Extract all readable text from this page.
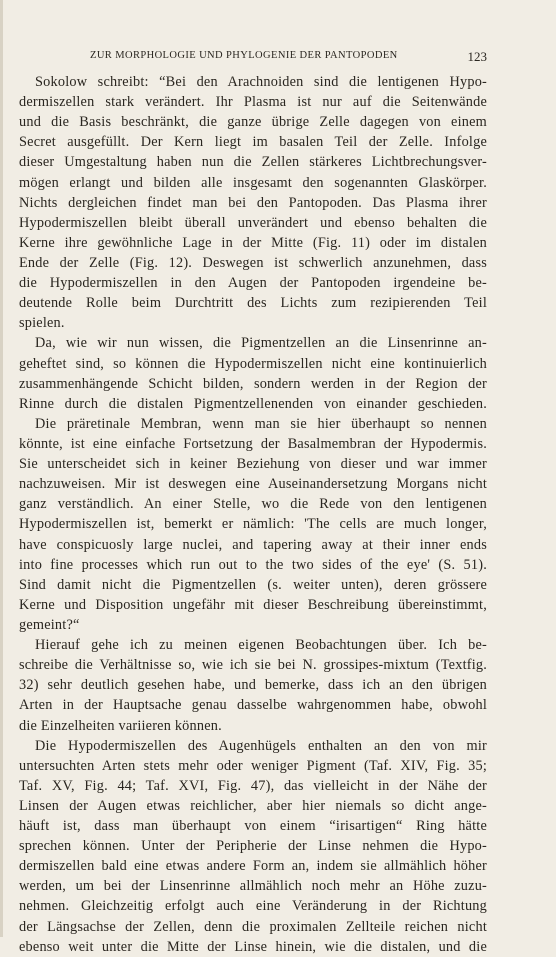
ZUR MORPHOLOGIE UND PHYLOGENIE DER PANTOPODEN	123
Sokolow schreibt: “Bei den Arachnoiden sind die lentigenen Hypo-
dermiszellen stark verändert. Ihr Plasma ist nur auf die Seitenwände
und die Basis beschränkt, die ganze übrige Zelle dagegen von einem
Secret ausgefüllt. Der Kern liegt im basalen Teil der Zelle. Infolge
dieser Umgestaltung haben nun die Zellen stärkeres Lichtbrechungsver-
mögen erlangt und bilden alle insgesamt den sogenannten Glaskörper.
Nichts dergleichen findet man bei den Pantopoden. Das Plasma ihrer
Hypodermiszellen bleibt überall unverändert und ebenso behalten die
Kerne ihre gewöhnliche Lage in der Mitte (Fig. 11) oder im distalen
Ende der Zelle (Fig. 12). Deswegen ist schwerlich anzunehmen, dass
die Hypodermiszellen in den Augen der Pantopoden irgendeine be-
deutende Rolle beim Durchtritt des Lichts zum rezipierenden Teil
spielen.
Da, wie wir nun wissen, die Pigmentzellen an die Linsenrinne an-
geheftet sind, so können die Hypodermiszellen nicht eine kontinuierlich
zusammenhängende Schicht bilden, sondern werden in der Region der
Rinne durch die distalen Pigmentzellenenden von einander geschieden.
Die präretinale Membran, wenn man sie hier überhaupt so nennen
könnte, ist eine einfache Fortsetzung der Basalmembran der Hypodermis.
Sie unterscheidet sich in keiner Beziehung von dieser und war immer
nachzuweisen. Mir ist deswegen eine Auseinandersetzung Morgans nicht
ganz verständlich. An einer Stelle, wo die Rede von den lentigenen
Hypodermiszellen ist, bemerkt er nämlich: 'The cells are much longer,
have conspicuosly large nuclei, and tapering away at their inner ends
into fine processes which run out to the two sides of the eye' (S. 51).
Sind damit nicht die Pigmentzellen (s. weiter unten), deren grössere
Kerne und Disposition ungefähr mit dieser Beschreibung übereinstimmt,
gemeint?“
Hierauf gehe ich zu meinen eigenen Beobachtungen über. Ich be-
schreibe die Verhältnisse so, wie ich sie bei N. grossipes-mixtum (Textfig.
32) sehr deutlich gesehen habe, und bemerke, dass ich an den übrigen
Arten in der Hauptsache genau dasselbe wahrgenommen habe, obwohl
die Einzelheiten variieren können.
Die Hypodermiszellen des Augenhügels enthalten an den von mir
untersuchten Arten stets mehr oder weniger Pigment (Taf. XIV, Fig. 35;
Taf. XV, Fig. 44; Taf. XVI, Fig. 47), das vielleicht in der Nähe der
Linsen der Augen etwas reichlicher, aber hier niemals so dicht ange-
häuft ist, dass man überhaupt von einem “irisartigen“ Ring hätte
sprechen können. Unter der Peripherie der Linse nehmen die Hypo-
dermiszellen bald eine etwas andere Form an, indem sie allmählich höher
werden, um bei der Linsenrinne allmählich noch mehr an Höhe zuzu-
nehmen. Gleichzeitig erfolgt auch eine Veränderung in der Richtung
der Längsachse der Zellen, denn die proximalen Zellteile reichen nicht
ebenso weit unter die Mitte der Linse hinein, wie die distalen, und die
